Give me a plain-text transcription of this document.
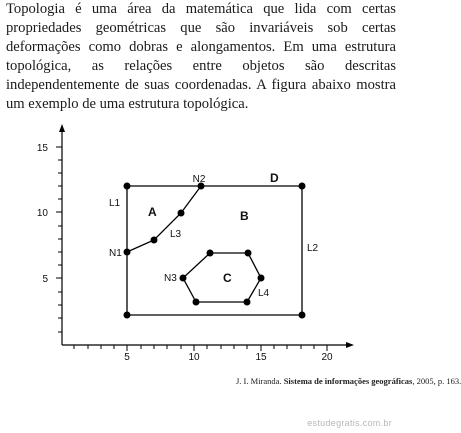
Topologia é uma área da matemática que lida com certas propriedades geométricas que são invariáveis sob certas deformações como dobras e alongamentos. Em uma estrutura topológica, as relações entre objetos são descritas independentemente de suas coordenadas. A figura abaixo mostra um exemplo de uma estrutura topológica.

5	10	15	20
5
10
15
N2
N1
N3
L1
L2
L3
L4
A	B
C
D
J. I. Miranda. Sistema de informações geográficas, 2005, p. 163.
estudegratis.com.br
